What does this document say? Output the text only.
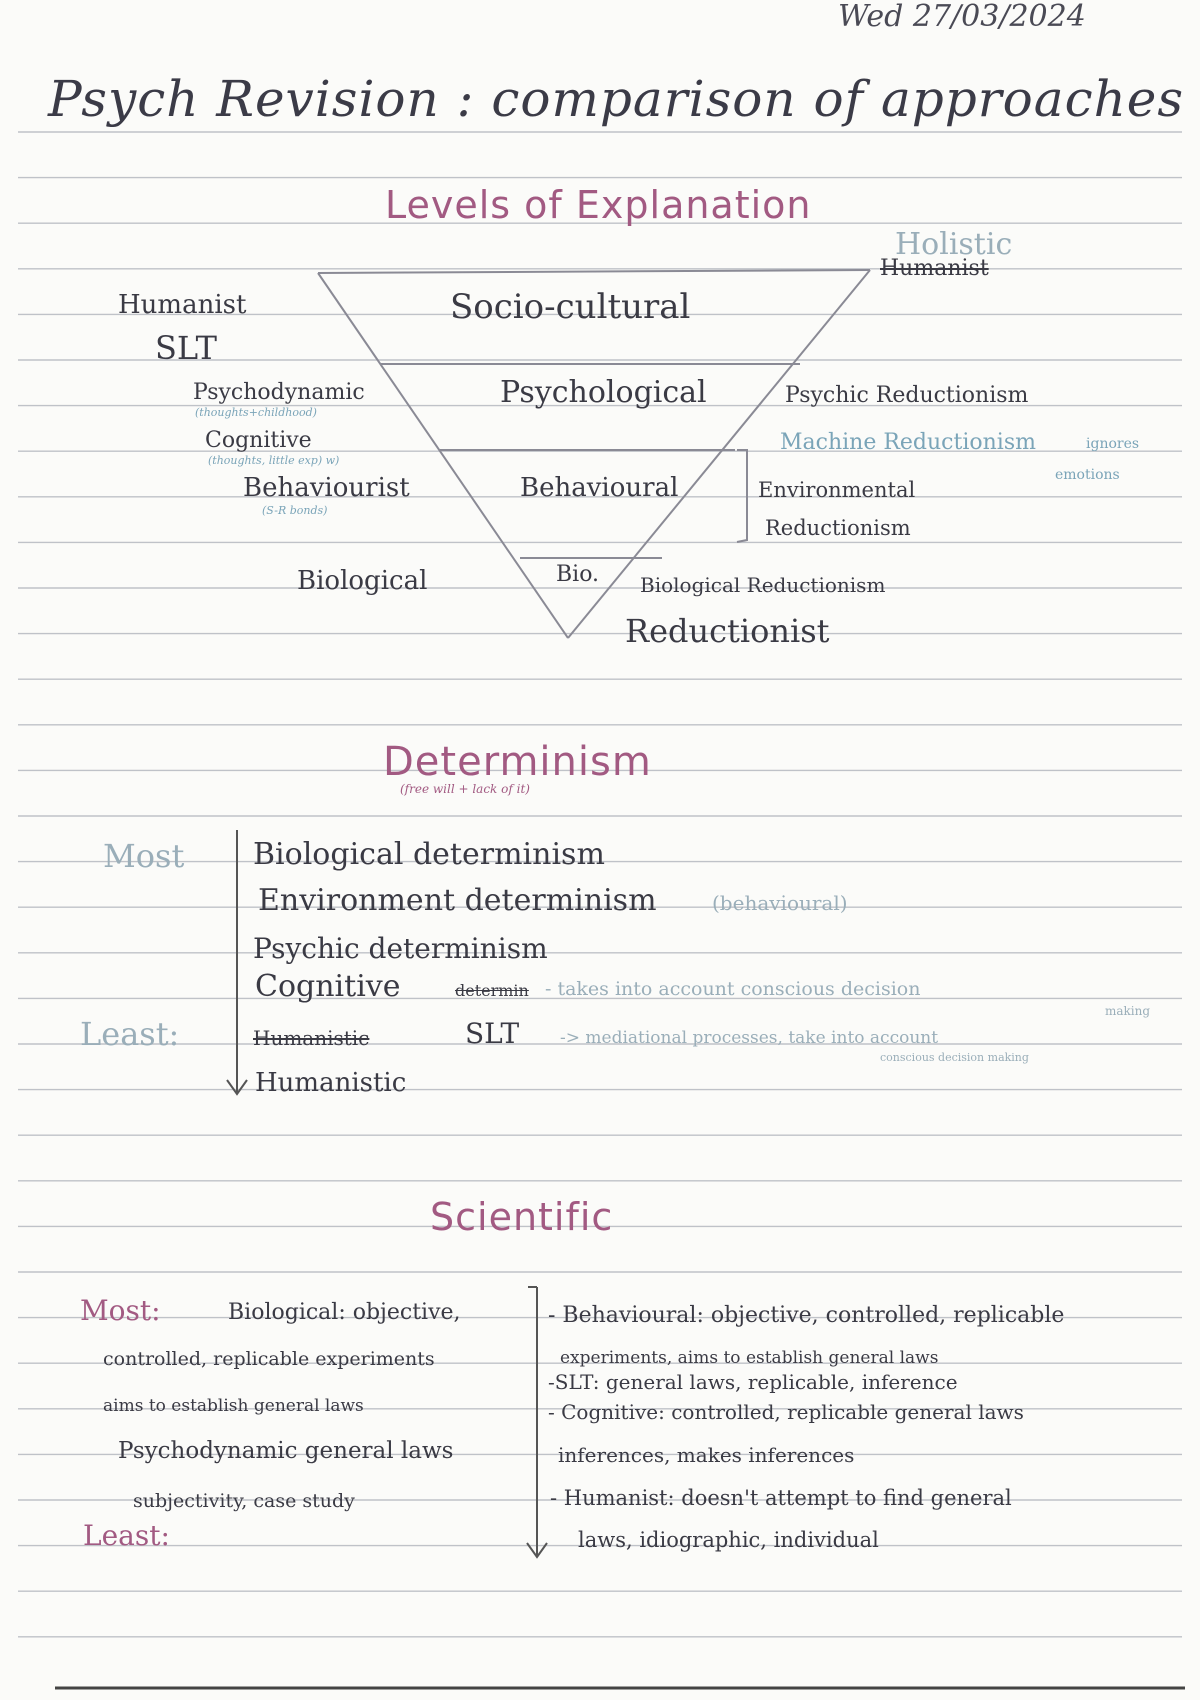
Wed 27/03/2024
Psych Revision : comparison of approaches
Levels of Explanation
Holistic
Humanist
Socio-cultural
Psychological
Behavioural
Bio.
Humanist
SLT
Psychodynamic
(thoughts+childhood)
Cognitive
(thoughts, little exp) w)
Behaviourist
(S-R bonds)
Biological
Psychic Reductionism
Machine Reductionism	ignores
emotions
Environmental
Reductionism
Biological Reductionism
Reductionist
Determinism
(free will + lack of it)
Most
Least:
Biological determinism
Environment determinism	(behavioural)
Psychic determinism
Cognitive	determin - takes into account conscious decision
making
Humanistic	SLT -> mediational processes, take into account
conscious decision making
Humanistic
Scientific
Most:
Least:
Biological: objective,
controlled, replicable experiments
aims to establish general laws
Psychodynamic general laws
subjectivity, case study
- Behavioural: objective, controlled, replicable
experiments, aims to establish general laws
-SLT: general laws, replicable, inference
- Cognitive: controlled, replicable general laws
inferences, makes inferences
- Humanist: doesn't attempt to find general
laws, idiographic, individual
